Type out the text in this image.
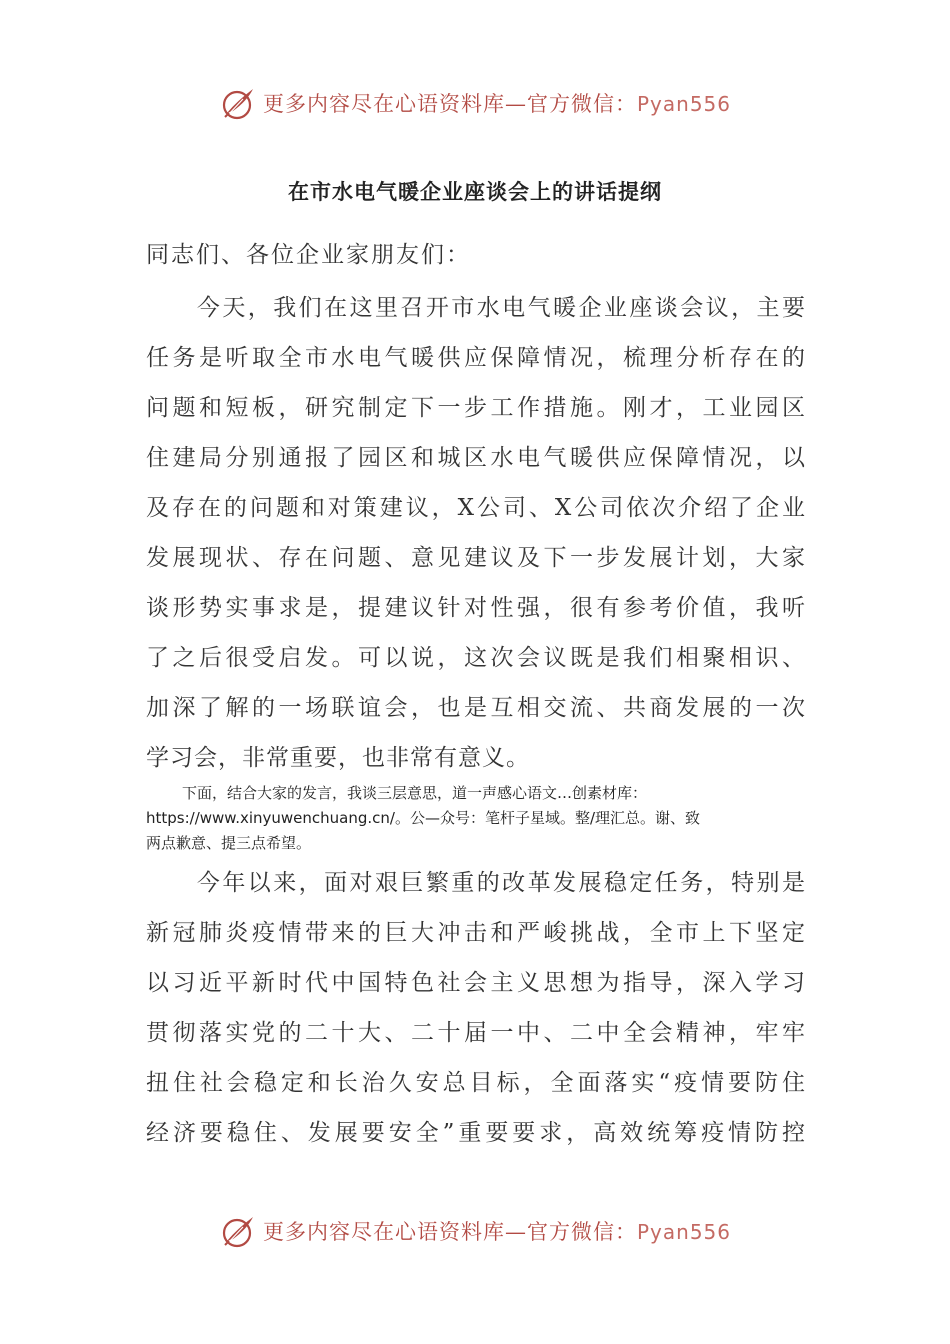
更多内容尽在心语资料库—官方微信：Pyan556
在市水电气暖企业座谈会上的讲话提纲
同志们、各位企业家朋友们：
　　今天，我们在这里召开市水电气暖企业座谈会议，主要
任务是听取全市水电气暖供应保障情况，梳理分析存在的
问题和短板，研究制定下一步工作措施。刚才，工业园区
住建局分别通报了园区和城区水电气暖供应保障情况，以
及存在的问题和对策建议，X公司、X公司依次介绍了企业
发展现状、存在问题、意见建议及下一步发展计划，大家
谈形势实事求是，提建议针对性强，很有参考价值，我听
了之后很受启发。可以说，这次会议既是我们相聚相识、
加深了解的一场联谊会，也是互相交流、共商发展的一次
学习会，非常重要，也非常有意义。
下面，结合大家的发言，我谈三层意思，道一声感心语文…创素材库：
https://www.xinyuwenchuang.cn/。公—众号：笔杆子星域。整/理汇总。谢、致
两点歉意、提三点希望。
　　今年以来，面对艰巨繁重的改革发展稳定任务，特别是
新冠肺炎疫情带来的巨大冲击和严峻挑战，全市上下坚定
以习近平新时代中国特色社会主义思想为指导，深入学习
贯彻落实党的二十大、二十届一中、二中全会精神，牢牢
扭住社会稳定和长治久安总目标，全面落实“疫情要防住
经济要稳住、发展要安全”重要要求，高效统筹疫情防控
更多内容尽在心语资料库—官方微信：Pyan556
